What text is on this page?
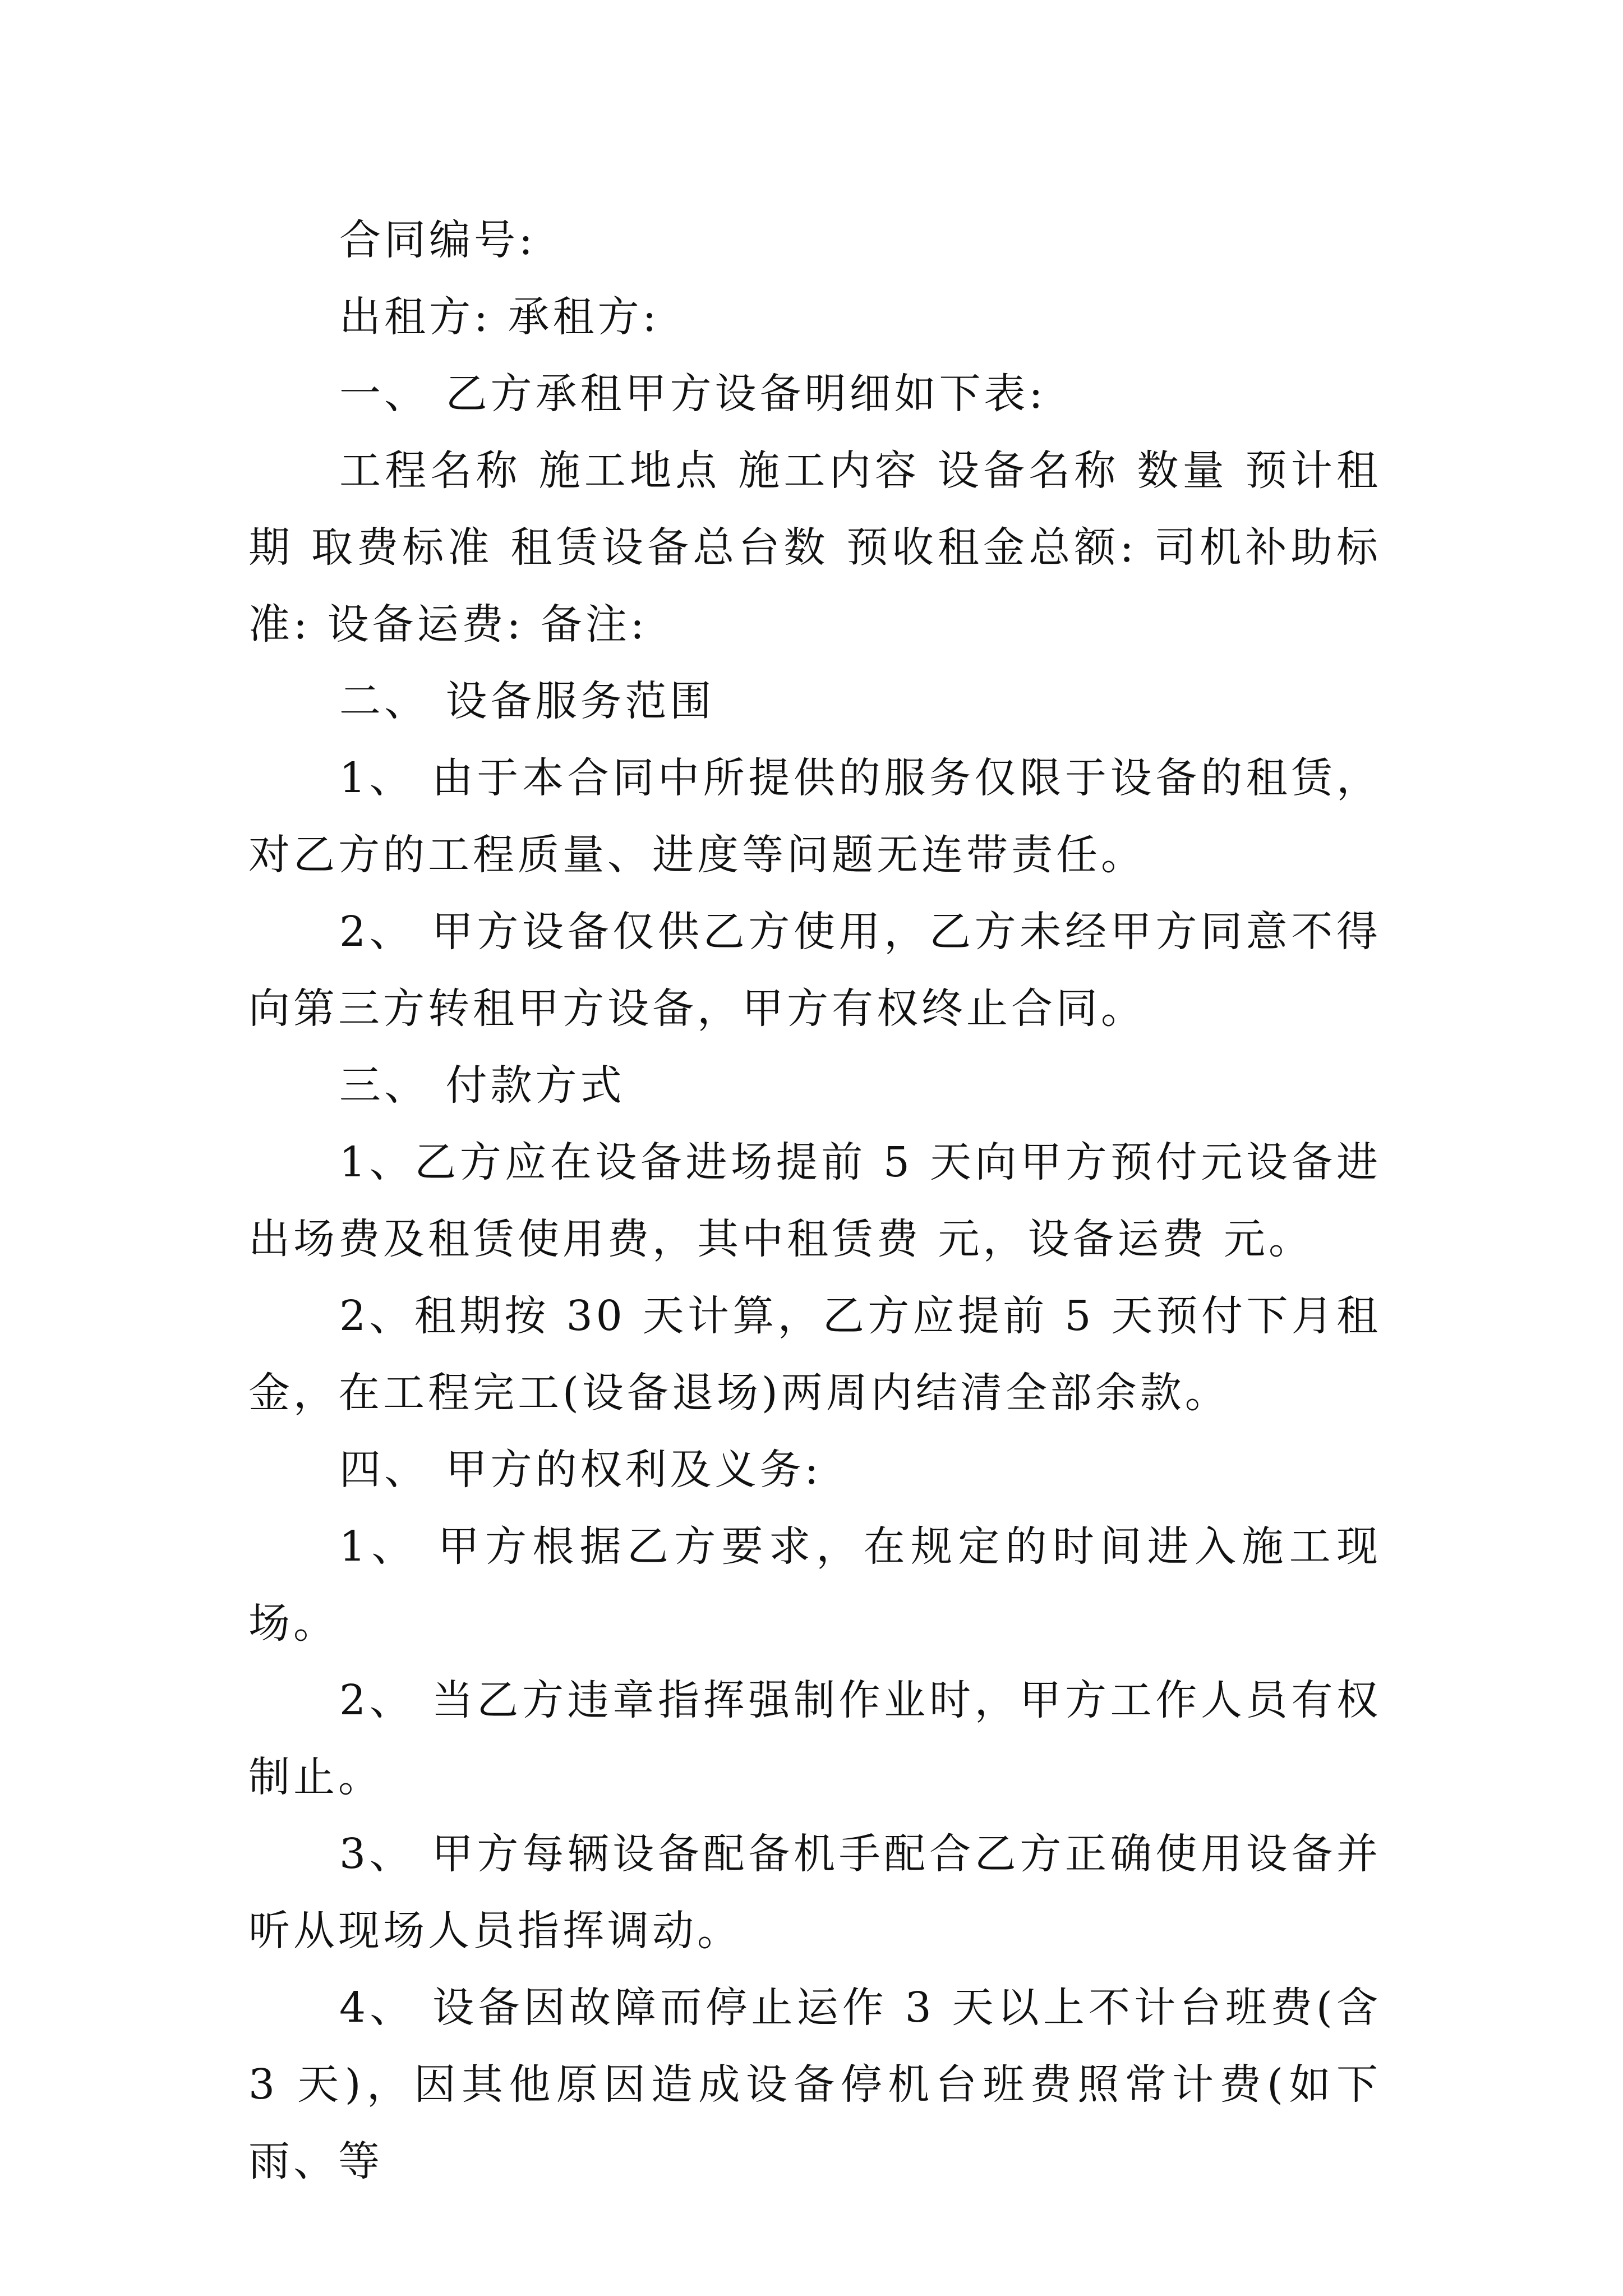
合同编号:

出租方: 承租方:

一、 乙方承租甲方设备明细如下表:

工程名称 施工地点 施工内容 设备名称 数量 预计租期 取费标准 租赁设备总台数 预收租金总额: 司机补助标准: 设备运费: 备注:

二、 设备服务范围

1、 由于本合同中所提供的服务仅限于设备的租赁，对乙方的工程质量、进度等问题无连带责任。

2、 甲方设备仅供乙方使用，乙方未经甲方同意不得向第三方转租甲方设备，甲方有权终止合同。

三、 付款方式

1、乙方应在设备进场提前 5 天向甲方预付元设备进出场费及租赁使用费，其中租赁费 元，设备运费 元。

2、租期按 30 天计算，乙方应提前 5 天预付下月租金，在工程完工(设备退场)两周内结清全部余款。

四、 甲方的权利及义务:

1、 甲方根据乙方要求，在规定的时间进入施工现场。

2、 当乙方违章指挥强制作业时，甲方工作人员有权制止。

3、 甲方每辆设备配备机手配合乙方正确使用设备并听从现场人员指挥调动。

4、 设备因故障而停止运作 3 天以上不计台班费(含 3 天)，因其他原因造成设备停机台班费照常计费(如下雨、等
